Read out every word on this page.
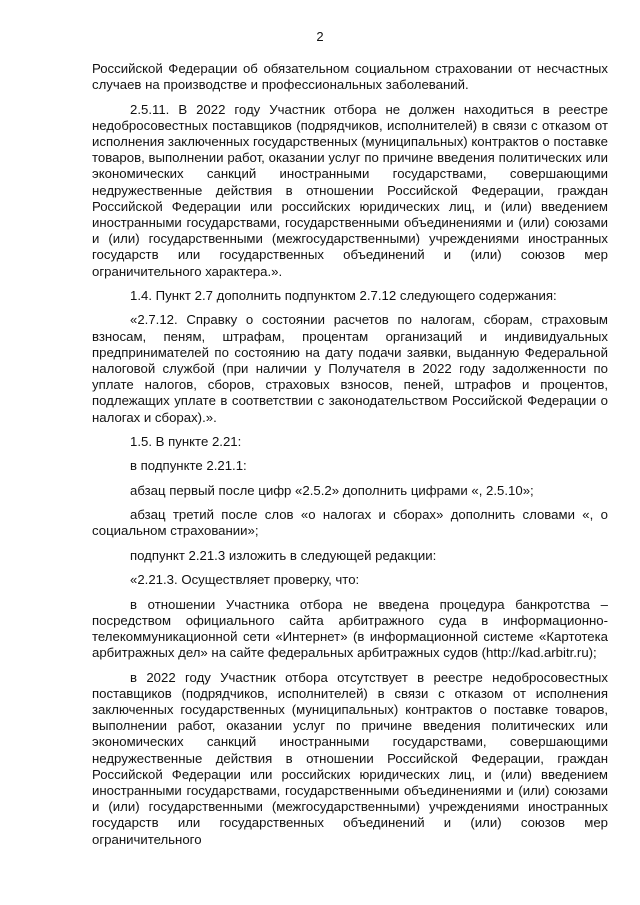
2

Российской Федерации об обязательном социальном страховании от несчастных случаев на производстве и профессиональных заболеваний.

2.5.11. В 2022 году Участник отбора не должен находиться в реестре недобросовестных поставщиков (подрядчиков, исполнителей) в связи с отказом от исполнения заключенных государственных (муниципальных) контрактов о поставке товаров, выполнении работ, оказании услуг по причине введения политических или экономических санкций иностранными государствами, совершающими недружественные действия в отношении Российской Федерации, граждан Российской Федерации или российских юридических лиц, и (или) введением иностранными государствами, государственными объединениями и (или) союзами и (или) государственными (межгосударственными) учреждениями иностранных государств или государственных объединений и (или) союзов мер ограничительного характера.».

1.4. Пункт 2.7 дополнить подпунктом 2.7.12 следующего содержания:

«2.7.12. Справку о состоянии расчетов по налогам, сборам, страховым взносам, пеням, штрафам, процентам организаций и индивидуальных предпринимателей по состоянию на дату подачи заявки, выданную Федеральной налоговой службой (при наличии у Получателя в 2022 году задолженности по уплате налогов, сборов, страховых взносов, пеней, штрафов и процентов, подлежащих уплате в соответствии с законодательством Российской Федерации о налогах и сборах).».

1.5. В пункте 2.21:

в подпункте 2.21.1:

абзац первый после цифр «2.5.2» дополнить цифрами «, 2.5.10»;

абзац третий после слов «о налогах и сборах» дополнить словами «, о социальном страховании»;

подпункт 2.21.3 изложить в следующей редакции:

«2.21.3. Осуществляет проверку, что:

в отношении Участника отбора не введена процедура банкротства – посредством официального сайта арбитражного суда в информационно-телекоммуникационной сети «Интернет» (в информационной системе «Картотека арбитражных дел» на сайте федеральных арбитражных судов (http://kad.arbitr.ru);

в 2022 году Участник отбора отсутствует в реестре недобросовестных поставщиков (подрядчиков, исполнителей) в связи с отказом от исполнения заключенных государственных (муниципальных) контрактов о поставке товаров, выполнении работ, оказании услуг по причине введения политических или экономических санкций иностранными государствами, совершающими недружественные действия в отношении Российской Федерации, граждан Российской Федерации или российских юридических лиц, и (или) введением иностранными государствами, государственными объединениями и (или) союзами и (или) государственными (межгосударственными) учреждениями иностранных государств или государственных объединений и (или) союзов мер ограничительного
